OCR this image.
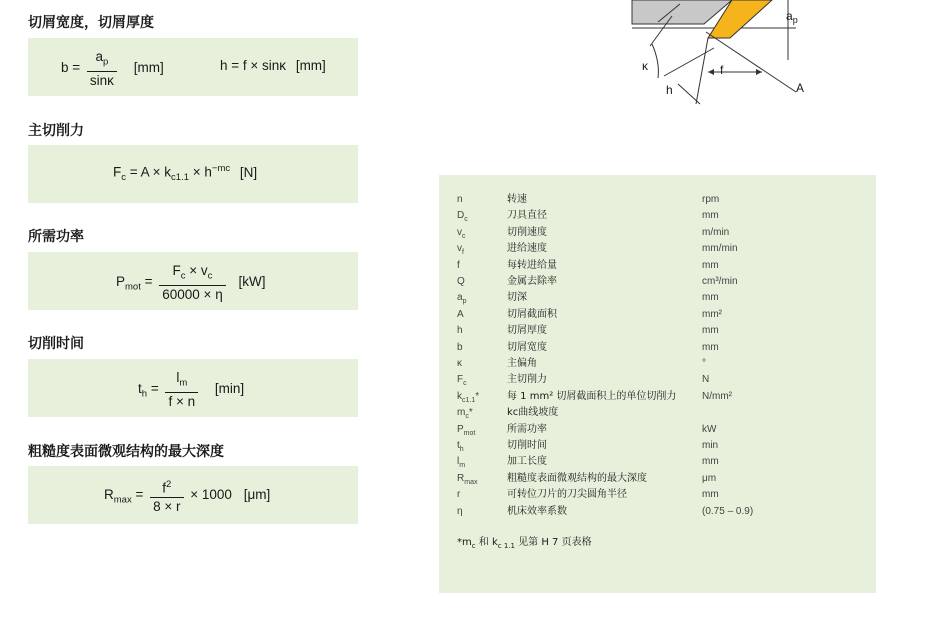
切屑宽度，切屑厚度
主切削力
所需功率
切削时间
粗糙度表面微观结构的最大深度
$b = \frac{a_p}{\sin\kappa} [mm]$	h = f × sinκ [mm]
$F_c = A \times k_{c1.1} \times h^{-mc}$ [N]
$P_{mot} = \frac{F_c \times v_c}{60000 \times \eta} [kW]$
$t_h = \frac{l_m}{f \times n} [\min]$
$R_{max} = \frac{f^2}{8 \times r} \times 1000$ [μm]
$a_p$
κ
h
f
A
n	转速	rpm
$D_c$	刀具直径	mm
$v_c$	切削速度	m/min
$v_f$	进给速度	mm/min
f	每转进给量	mm
Q	金属去除率	cm³/min
$a_p$	切深	mm
A	切屑截面积	mm²
h	切屑厚度	mm
b	切屑宽度	mm
κ	主偏角	°
$F_c$	主切削力	N
$k_{c1.1}*$	每 1 mm² 切屑截面积上的单位切削力	N/mm²
$m_c*$	kc曲线坡度
$P_{mot}$	所需功率	kW
$t_h$	切削时间	min
$l_m$	加工长度	mm
$R_{max}$	粗糙度表面微观结构的最大深度	μm
r	可转位刀片的刀尖圆角半径	mm
η	机床效率系数	(0.75 – 0.9)
$*m_c$ 和 $k_{c 1.1}$ 见第 H 7 页表格
